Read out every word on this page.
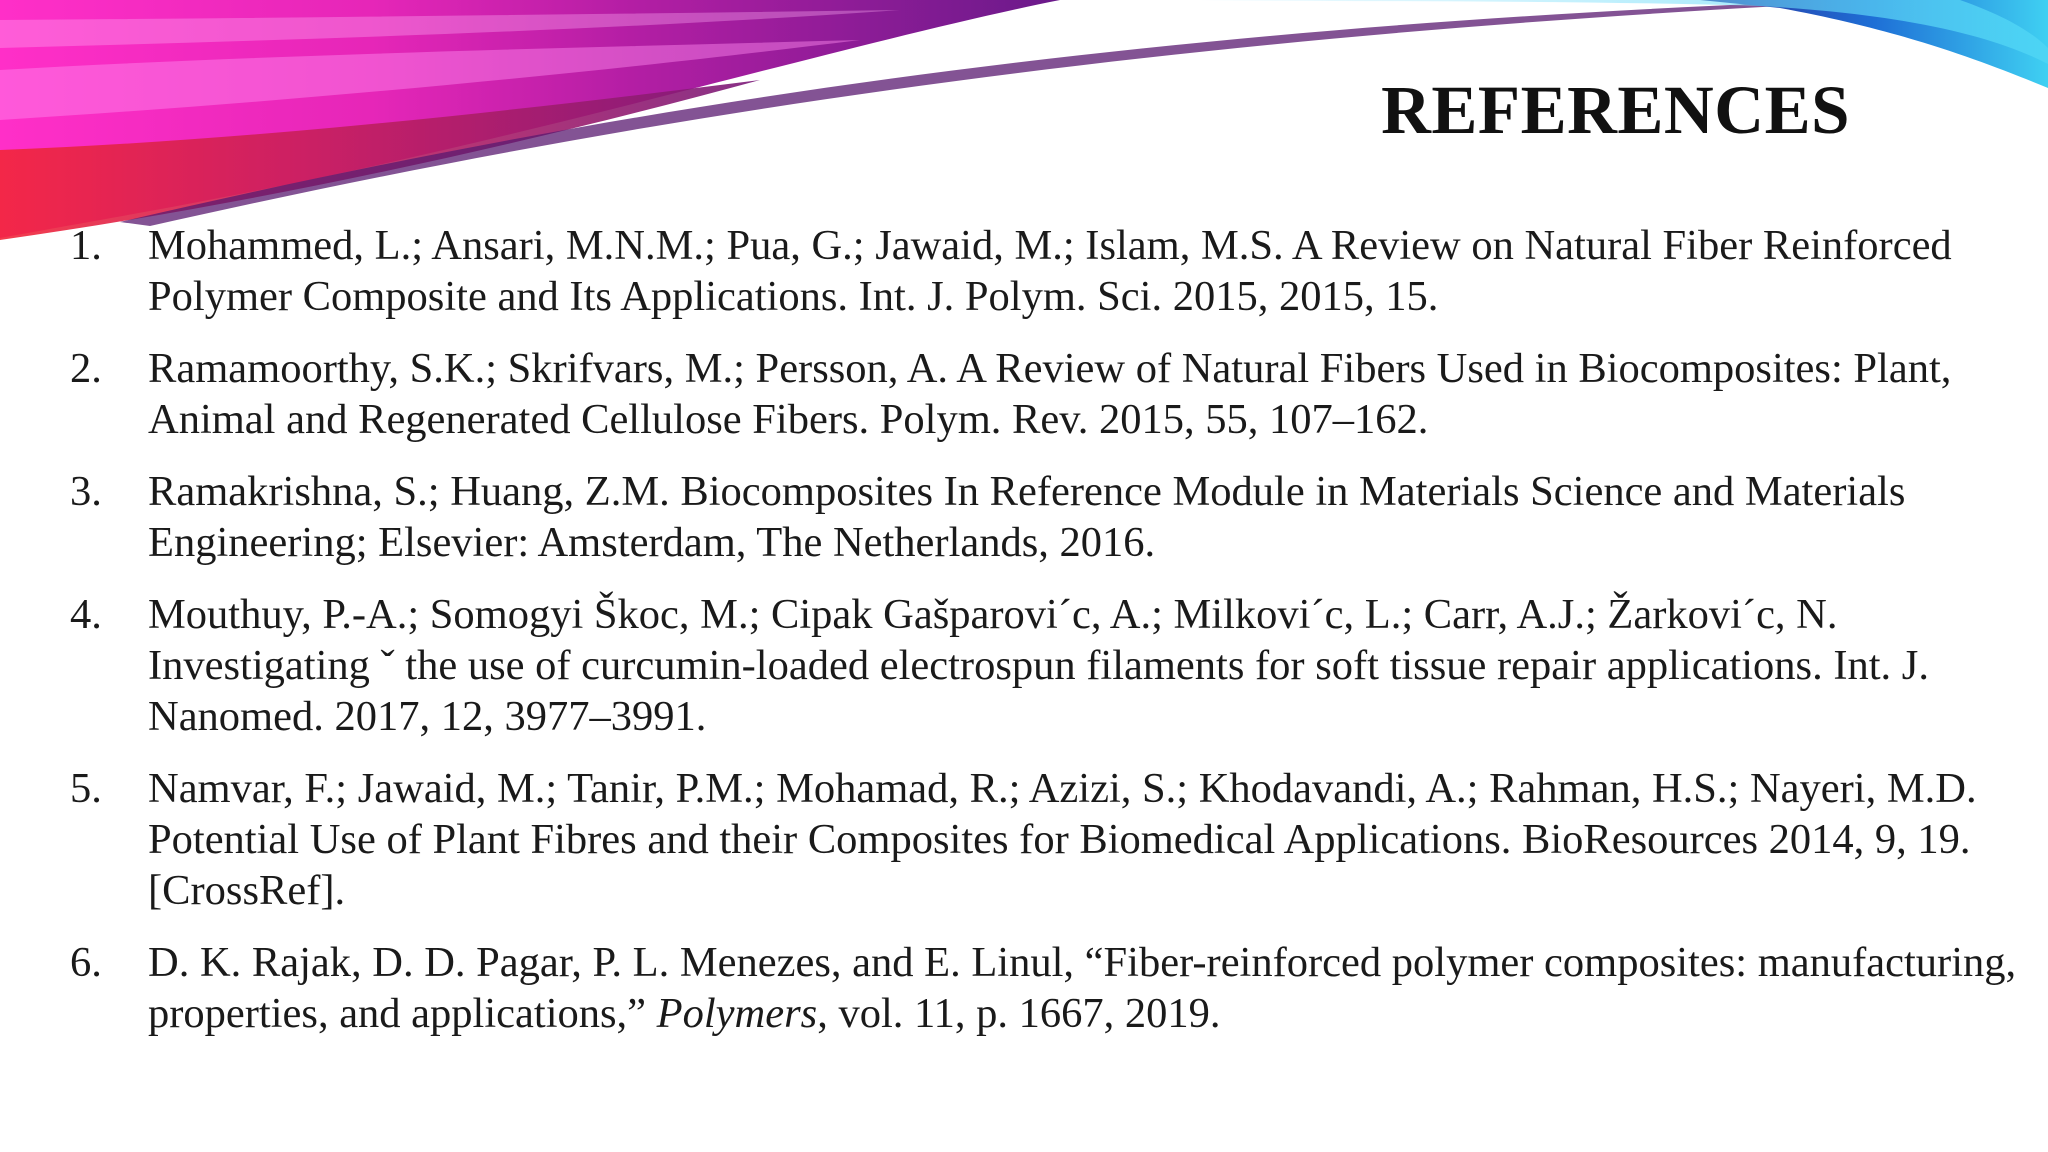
REFERENCES
1.	Mohammed, L.; Ansari, M.N.M.; Pua, G.; Jawaid, M.; Islam, M.S. A Review on Natural Fiber Reinforced Polymer Composite and Its Applications. Int. J. Polym. Sci. 2015, 2015, 15.
2.	Ramamoorthy, S.K.; Skrifvars, M.; Persson, A. A Review of Natural Fibers Used in Biocomposites: Plant, Animal and Regenerated Cellulose Fibers. Polym. Rev. 2015, 55, 107–162.
3.	Ramakrishna, S.; Huang, Z.M. Biocomposites In Reference Module in Materials Science and Materials Engineering; Elsevier: Amsterdam, The Netherlands, 2016.
4.	Mouthuy, P.-A.; Somogyi Škoc, M.; Cipak Gašparovi´c, A.; Milkovi´c, L.; Carr, A.J.; Žarkovi´c, N. Investigating ˇ the use of curcumin-loaded electrospun filaments for soft tissue repair applications. Int. J. Nanomed. 2017, 12, 3977–3991.
5.	Namvar, F.; Jawaid, M.; Tanir, P.M.; Mohamad, R.; Azizi, S.; Khodavandi, A.; Rahman, H.S.; Nayeri, M.D. Potential Use of Plant Fibres and their Composites for Biomedical Applications. BioResources 2014, 9, 19. [CrossRef].
6.	D. K. Rajak, D. D. Pagar, P. L. Menezes, and E. Linul, “Fiber-reinforced polymer composites: manufacturing, properties, and applications,” Polymers, vol. 11, p. 1667, 2019.
